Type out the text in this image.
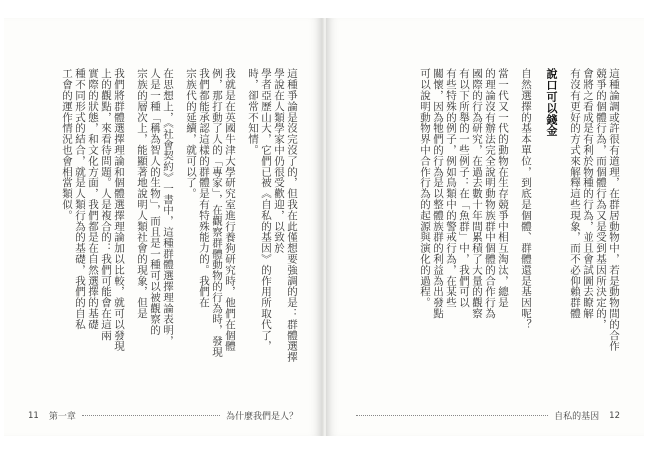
這種爭論是沒完沒了的，但我在此僅想要強調的是：群體選擇
學說在人類學家中仍很受歡迎，以致於
學者亞歷山大，它們已被《自私的基因》的作用所取代了，
時，卻常不知情。
我就是在英國牛津大學研究室進行養狗研究時，他們在個體
例，那打動了人的「專家」，在觀察群體動物的行為時，發現
我們都能承認這樣的群體是有特殊能力的。我們在
宗族代的延續，就可以了。
在思想上，《社會契約》一書中，這種群體選擇理論表明，
人是一種「稱為智人的生物」，而且是一種可以被觀察的
宗族的層次上，能顯著地說明人類社會的現象，但是
我們將群體選擇理論和個體選擇理論加以比較，就可以發現
上的觀點，來看待問題。人是複合的：我們可能會在這兩
實際的狀態，和文化方面，我們都是在自然選擇的基礎
種不同形式的結合，就是人類行為的基礎，我們的自私
工會的運作情況也會相當類似。
11 第一章	為什麼我們是人？
這種論調或許很有道理，在群居動物中，若是動物間的合作
競爭的個體行為，而個體行為又是受到基因所決定的，
會將之看成是有利於物種的行為，並且會試圖去瞭解
有沒有更好的方式來解釋這些現象，而不必仰賴群體
說口可以錢金
自然選擇的基本單位，到底是個體、群體還是基因呢？
當一代又一代的動物在生存競爭中相互淘汰，總是
的理論沒有辦法完全說明動物族群中個體的合作行為
國際的行為研究，在過去數十年間累積了大量的觀察
有以下所舉的一些例子：在「魚群」中，我們可以
有些特殊的例子，例如鳥類中的警戒行為，在某些
關懷，因為牠們的行為是以整體族群的利益為出發點
可以說明動物界中合作行為的起源與演化的過程。
自私的基因 12
